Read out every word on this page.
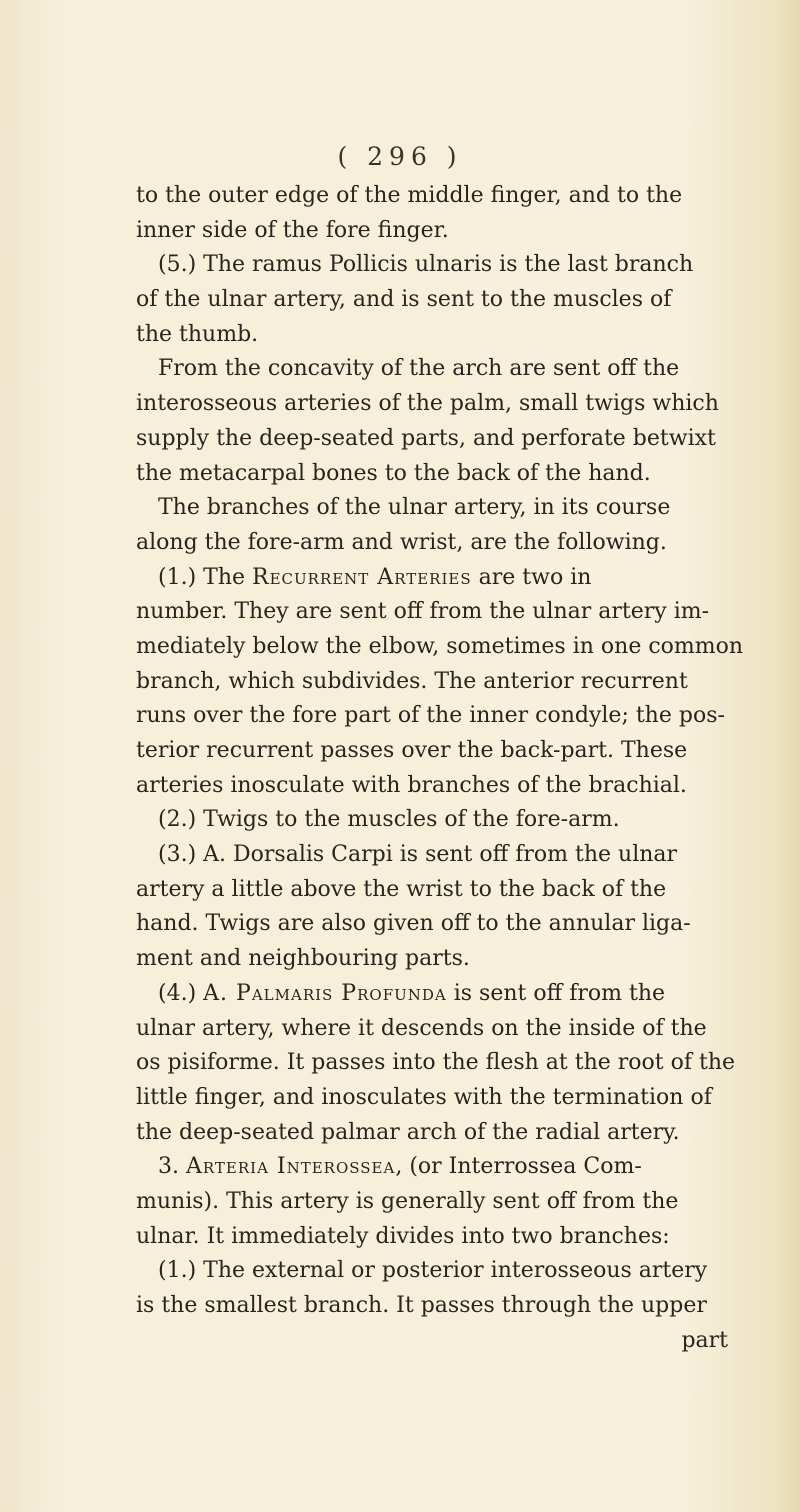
( 296 )
to the outer edge of the middle finger, and to the
inner side of the fore finger.
(5.) The ramus Pollicis ulnaris is the last branch
of the ulnar artery, and is sent to the muscles of
the thumb.
From the concavity of the arch are sent off the
interosseous arteries of the palm, small twigs which
supply the deep-seated parts, and perforate betwixt
the metacarpal bones to the back of the hand.
The branches of the ulnar artery, in its course
along the fore-arm and wrist, are the following.
(1.) The Recurrent Arteries are two in
number. They are sent off from the ulnar artery im-
mediately below the elbow, sometimes in one common
branch, which subdivides. The anterior recurrent
runs over the fore part of the inner condyle; the pos-
terior recurrent passes over the back-part. These
arteries inosculate with branches of the brachial.
(2.) Twigs to the muscles of the fore-arm.
(3.) A. Dorsalis Carpi is sent off from the ulnar
artery a little above the wrist to the back of the
hand. Twigs are also given off to the annular liga-
ment and neighbouring parts.
(4.) A. Palmaris Profunda is sent off from the
ulnar artery, where it descends on the inside of the
os pisiforme. It passes into the flesh at the root of the
little finger, and inosculates with the termination of
the deep-seated palmar arch of the radial artery.
3. Arteria Interossea, (or Interrossea Com-
munis). This artery is generally sent off from the
ulnar. It immediately divides into two branches:
(1.) The external or posterior interosseous artery
is the smallest branch. It passes through the upper
part
